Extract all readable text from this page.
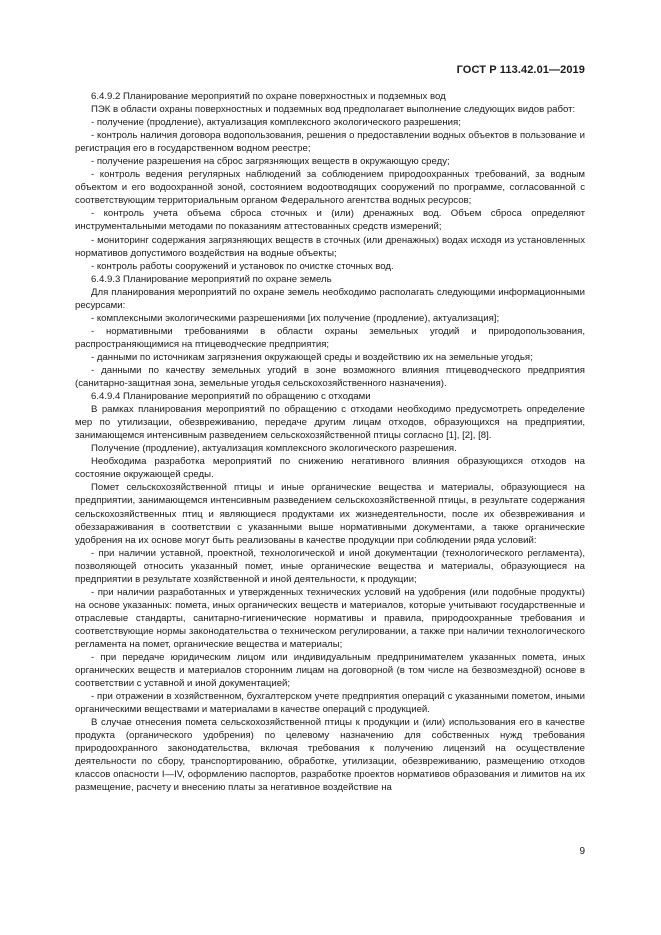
ГОСТ Р 113.42.01—2019

6.4.9.2 Планирование мероприятий по охране поверхностных и подземных вод

ПЭК в области охраны поверхностных и подземных вод предполагает выполнение следующих видов работ:

- получение (продление), актуализация комплексного экологического разрешения;

- контроль наличия договора водопользования, решения о предоставлении водных объектов в пользование и регистрация его в государственном водном реестре;

- получение разрешения на сброс загрязняющих веществ в окружающую среду;

- контроль ведения регулярных наблюдений за соблюдением природоохранных требований, за водным объектом и его водоохранной зоной, состоянием водоотводящих сооружений по программе, согласованной с соответствующим территориальным органом Федерального агентства водных ресурсов;

- контроль учета объема сброса сточных и (или) дренажных вод. Объем сброса определяют инструментальными методами по показаниям аттестованных средств измерений;

- мониторинг содержания загрязняющих веществ в сточных (или дренажных) водах исходя из установленных нормативов допустимого воздействия на водные объекты;

- контроль работы сооружений и установок по очистке сточных вод.

6.4.9.3 Планирование мероприятий по охране земель

Для планирования мероприятий по охране земель необходимо располагать следующими информационными ресурсами:

- комплексными экологическими разрешениями [их получение (продление), актуализация];

- нормативными требованиями в области охраны земельных угодий и природопользования, распространяющимися на птицеводческие предприятия;

- данными по источникам загрязнения окружающей среды и воздействию их на земельные угодья;

- данными по качеству земельных угодий в зоне возможного влияния птицеводческого предприятия (санитарно-защитная зона, земельные угодья сельскохозяйственного назначения).

6.4.9.4 Планирование мероприятий по обращению с отходами

В рамках планирования мероприятий по обращению с отходами необходимо предусмотреть определение мер по утилизации, обезвреживанию, передаче другим лицам отходов, образующихся на предприятии, занимающемся интенсивным разведением сельскохозяйственной птицы согласно [1], [2], [8].

Получение (продление), актуализация комплексного экологического разрешения.

Необходима разработка мероприятий по снижению негативного влияния образующихся отходов на состояние окружающей среды.

Помет сельскохозяйственной птицы и иные органические вещества и материалы, образующиеся на предприятии, занимающемся интенсивным разведением сельскохозяйственной птицы, в результате содержания сельскохозяйственных птиц и являющиеся продуктами их жизнедеятельности, после их обезвреживания и обеззараживания в соответствии с указанными выше нормативными документами, а также органические удобрения на их основе могут быть реализованы в качестве продукции при соблюдении ряда условий:

- при наличии уставной, проектной, технологической и иной документации (технологического регламента), позволяющей относить указанный помет, иные органические вещества и материалы, образующиеся на предприятии в результате хозяйственной и иной деятельности, к продукции;

- при наличии разработанных и утвержденных технических условий на удобрения (или подобные продукты) на основе указанных: помета, иных органических веществ и материалов, которые учитывают государственные и отраслевые стандарты, санитарно-гигиенические нормативы и правила, природоохранные требования и соответствующие нормы законодательства о техническом регулировании, а также при наличии технологического регламента на помет, органические вещества и материалы;

- при передаче юридическим лицом или индивидуальным предпринимателем указанных помета, иных органических веществ и материалов сторонним лицам на договорной (в том числе на безвозмездной) основе в соответствии с уставной и иной документацией;

- при отражении в хозяйственном, бухгалтерском учете предприятия операций с указанными пометом, иными органическими веществами и материалами в качестве операций с продукцией.

В случае отнесения помета сельскохозяйственной птицы к продукции и (или) использования его в качестве продукта (органического удобрения) по целевому назначению для собственных нужд требования природоохранного законодательства, включая требования к получению лицензий на осуществление деятельности по сбору, транспортированию, обработке, утилизации, обезвреживанию, размещению отходов классов опасности I—IV, оформлению паспортов, разработке проектов нормативов образования и лимитов на их размещение, расчету и внесению платы за негативное воздействие на

9
